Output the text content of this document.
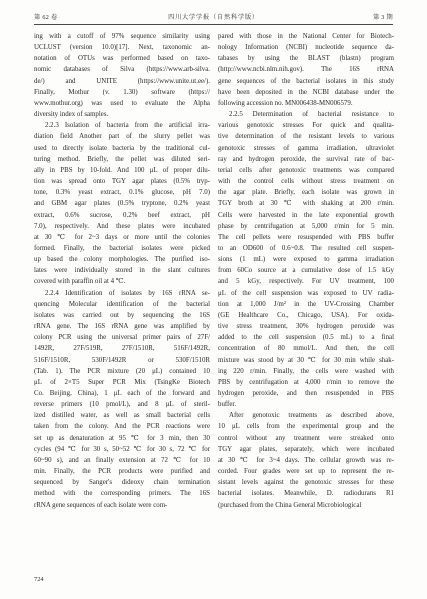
第 62 卷	四川大学学报（自然科学版）	第 3 期

ing with a cutoff of 97% sequence similarity using
UCLUST (version 10.0)[17]. Next, taxonomic an-
notation of OTUs was performed based on taxo-
nomic databases of Silva (https://www.arb-silva.
de/) and UNITE (https://www.unite.ut.ee/).
Finally, Mothur (v. 1.30) software (https://
www.mothur.org) was used to evaluate the Alpha
diversity index of samples.

2.2.3 Isolation of bacteria from the artificial irra-
diation field Another part of the slurry pellet was
used to directly isolate bacteria by the traditional cul-
turing method. Briefly, the pellet was diluted seri-
ally in PBS by 10-fold. And 100 μL of proper dilu-
tion was spread onto TGY agar plates (0.5% tryp-
tone, 0.3% yeast extract, 0.1% glucose, pH 7.0)
and GBM agar plates (0.5% tryptone, 0.2% yeast
extract, 0.6% sucrose, 0.2% beef extract, pH
7.0), respectively. And these plates were incubated
at 30 ℃ for 2~3 days or more until the colonies
formed. Finally, the bacterial isolates were picked
up based the colony morphologies. The purified iso-
lates were individually stored in the slant cultures
covered with paraffin oil at 4 ℃.

2.2.4 Identification of isolates by 16S rRNA se-
quencing Molecular identification of the bacterial
isolates was carried out by sequencing the 16S
rRNA gene. The 16S rRNA gene was amplified by
colony PCR using the universal primer pairs of 27F/
1492R, 27F/519R, 27F/1510R, 516F/1492R,
516F/1510R, 530F/1492R or 530F/1510R
(Tab. 1). The PCR mixture (20 μL) contained 10
μL of 2×T5 Super PCR Mix (TsingKe Biotech
Co. Beijing, China), 1 μL each of the forward and
reverse primers (10 pmol/L), and 8 μL of steril-
ized distilled water, as well as small bacterial cells
taken from the colony. And the PCR reactions were
set up as denaturation at 95 ℃ for 3 min, then 30
cycles (94 ℃ for 30 s, 50~52 ℃ for 30 s, 72 ℃ for
60~90 s), and an finally extension at 72 ℃ for 10
min. Finally, the PCR products were purified and
sequenced by Sanger's dideoxy chain termination
method with the corresponding primers. The 16S
rRNA gene sequences of each isolate were com-

pared with those in the National Center for Biotech-
nology Information (NCBI) nucleotide sequence da-
tabases by using the BLAST (blastn) program
(http://www.ncbi.nlm.nih.gov). The 16S rRNA
gene sequences of the bacterial isolates in this study
have been deposited in the NCBI database under the
following accession no. MN006438-MN006579.

2.2.5 Determination of bacterial resistance to
various genotoxic stresses For quick and qualita-
tive determination of the resistant levels to various
genotoxic stresses of gamma irradiation, ultraviolet
ray and hydrogen peroxide, the survival rate of bac-
terial cells after genotoxic treatments was compared
with the control cells without stress treatment on
the agar plate. Briefly, each isolate was grown in
TGY broth at 30 ℃ with shaking at 200 r/min.
Cells were harvested in the late exponential growth
phase by centrifugation at 5,000 r/min for 5 min.
The cell pellets were resuspended with PBS buffer
to an OD600 of 0.6~0.8. The resulted cell suspen-
sions (1 mL) were exposed to gamma irradiation
from 60Co source at a cumulative dose of 1.5 kGy
and 5 kGy, respectively. For UV treatment, 100
μL of the cell suspension was exposed to UV radia-
tion at 1,000 J/m² in the UV-Crossing Chamber
(GE Healthcare Co., Chicago, USA). For oxida-
tive stress treatment, 30% hydrogen peroxide was
added to the cell suspension (0.5 mL) to a final
concentration of 80 mmol/L. And then, the cell
mixture was stood by at 30 ℃ for 30 min while shak-
ing 220 r/min. Finally, the cells were washed with
PBS by centrifugation at 4,000 r/min to remove the
hydrogen peroxide, and then resuspended in PBS
buffer.

After genotoxic treatments as described above,
10 μL cells from the experimental group and the
control without any treatment were streaked onto
TGY agar plates, separately, which were incubated
at 30 ℃ for 3~4 days. The cellular growth was re-
corded. Four grades were set up to represent the re-
sistant levels against the genotoxic stresses for these
bacterial isolates. Meanwhile, D. radiodurans R1
(purchased from the China General Microbiological

724
